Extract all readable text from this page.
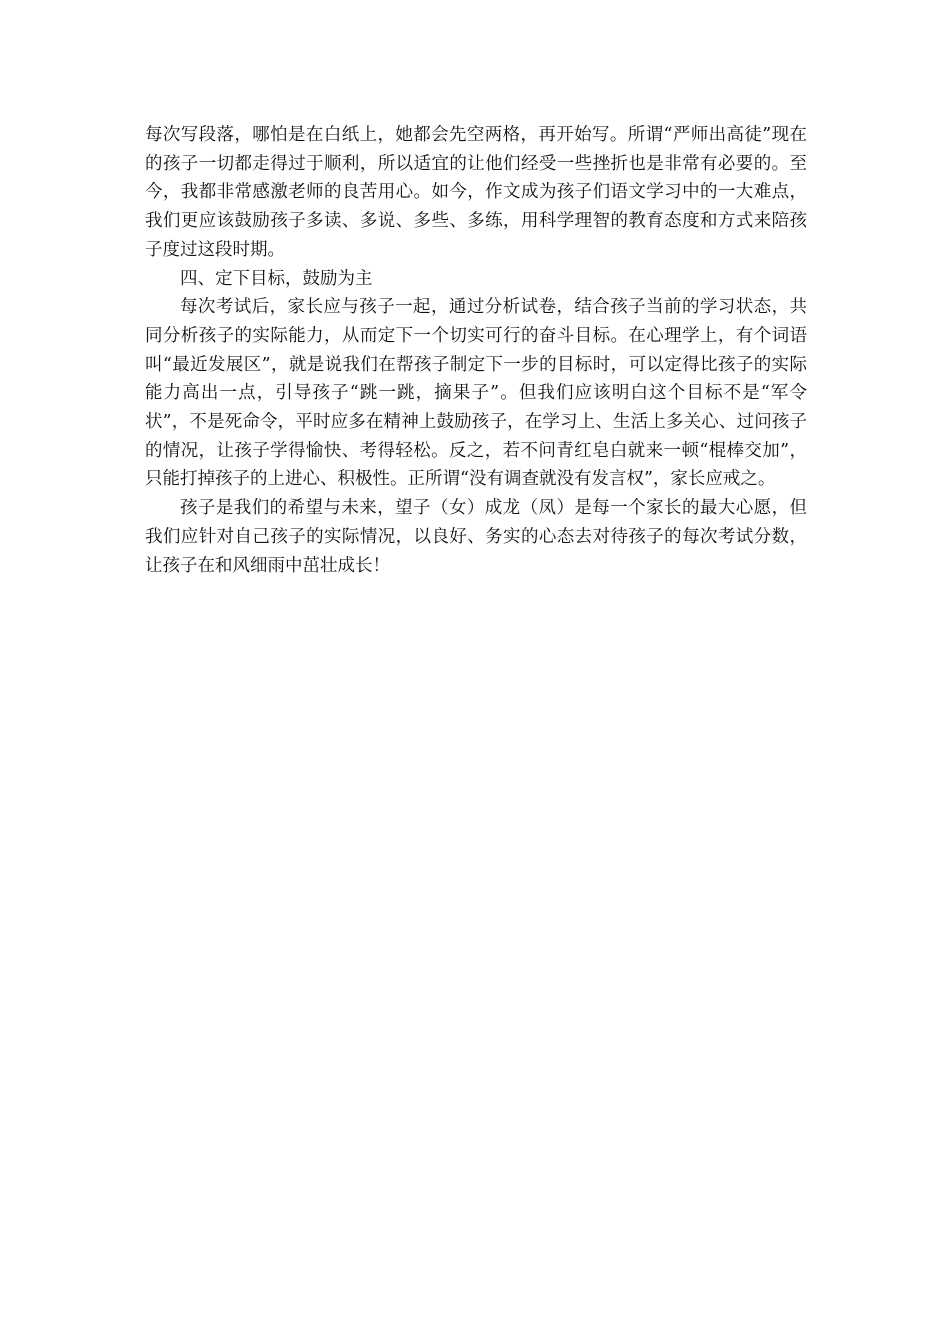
每次写段落，哪怕是在白纸上，她都会先空两格，再开始写。所谓“严师出高徒”现在的孩子一切都走得过于顺利，所以适宜的让他们经受一些挫折也是非常有必要的。至今，我都非常感激老师的良苦用心。如今，作文成为孩子们语文学习中的一大难点，我们更应该鼓励孩子多读、多说、多些、多练，用科学理智的教育态度和方式来陪孩子度过这段时期。

四、定下目标，鼓励为主

每次考试后，家长应与孩子一起，通过分析试卷，结合孩子当前的学习状态，共同分析孩子的实际能力，从而定下一个切实可行的奋斗目标。在心理学上，有个词语叫“最近发展区”，就是说我们在帮孩子制定下一步的目标时，可以定得比孩子的实际能力高出一点，引导孩子“跳一跳，摘果子”。但我们应该明白这个目标不是“军令状”，不是死命令，平时应多在精神上鼓励孩子，在学习上、生活上多关心、过问孩子的情况，让孩子学得愉快、考得轻松。反之，若不问青红皂白就来一顿“棍棒交加”，只能打掉孩子的上进心、积极性。正所谓“没有调查就没有发言权”，家长应戒之。

孩子是我们的希望与未来，望子（女）成龙（凤）是每一个家长的最大心愿，但我们应针对自己孩子的实际情况，以良好、务实的心态去对待孩子的每次考试分数，让孩子在和风细雨中茁壮成长！
